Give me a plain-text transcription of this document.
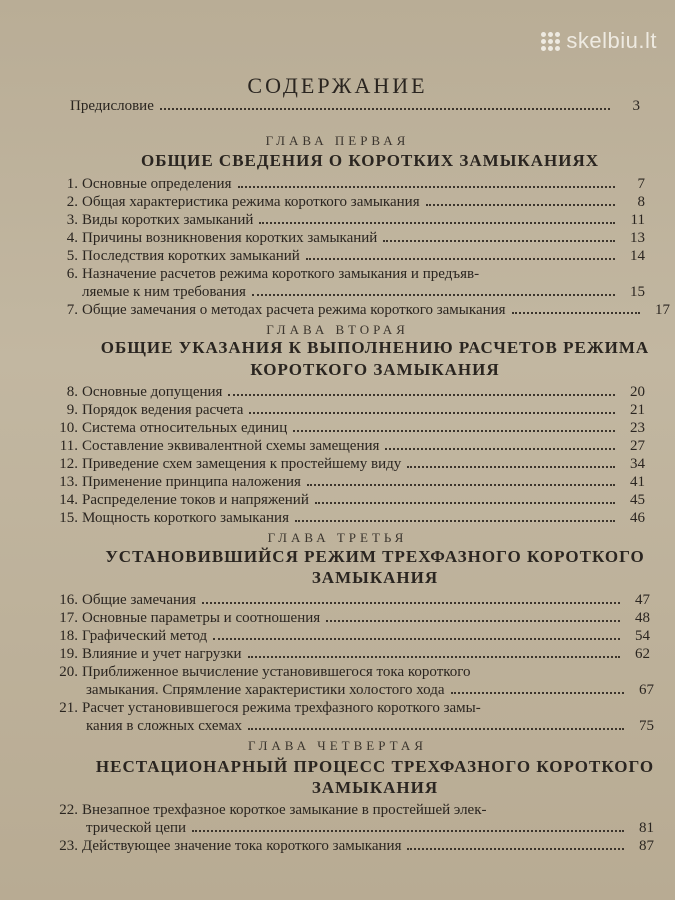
skelbiu.lt
СОДЕРЖАНИЕ
Предисловие	3
ГЛАВА ПЕРВАЯ
ОБЩИЕ СВЕДЕНИЯ О КОРОТКИХ ЗАМЫКАНИЯХ
1. Основные определения	7
2. Общая характеристика режима короткого замыкания	8
3. Виды коротких замыканий	11
4. Причины возникновения коротких замыканий	13
5. Последствия коротких замыканий	14
6. Назначение расчетов режима короткого замыкания и предъяв-
ляемые к ним требования	15
7. Общие замечания о методах расчета режима короткого замыкания	17
ГЛАВА ВТОРАЯ
ОБЩИЕ УКАЗАНИЯ К ВЫПОЛНЕНИЮ РАСЧЕТОВ РЕЖИМА
КОРОТКОГО ЗАМЫКАНИЯ
8. Основные допущения	20
9. Порядок ведения расчета	21
10. Система относительных единиц	23
11. Составление эквивалентной схемы замещения	27
12. Приведение схем замещения к простейшему виду	34
13. Применение принципа наложения	41
14. Распределение токов и напряжений	45
15. Мощность короткого замыкания	46
ГЛАВА ТРЕТЬЯ
УСТАНОВИВШИЙСЯ РЕЖИМ ТРЕХФАЗНОГО КОРОТКОГО
ЗАМЫКАНИЯ
16. Общие замечания	47
17. Основные параметры и соотношения	48
18. Графический метод	54
19. Влияние и учет нагрузки	62
20. Приближенное вычисление установившегося тока короткого
замыкания. Спрямление характеристики холостого хода	67
21. Расчет установившегося режима трехфазного короткого замы-
кания в сложных схемах	75
ГЛАВА ЧЕТВЕРТАЯ
НЕСТАЦИОНАРНЫЙ ПРОЦЕСС ТРЕХФАЗНОГО КОРОТКОГО
ЗАМЫКАНИЯ
22. Внезапное трехфазное короткое замыкание в простейшей элек-
трической цепи	81
23. Действующее значение тока короткого замыкания	87
